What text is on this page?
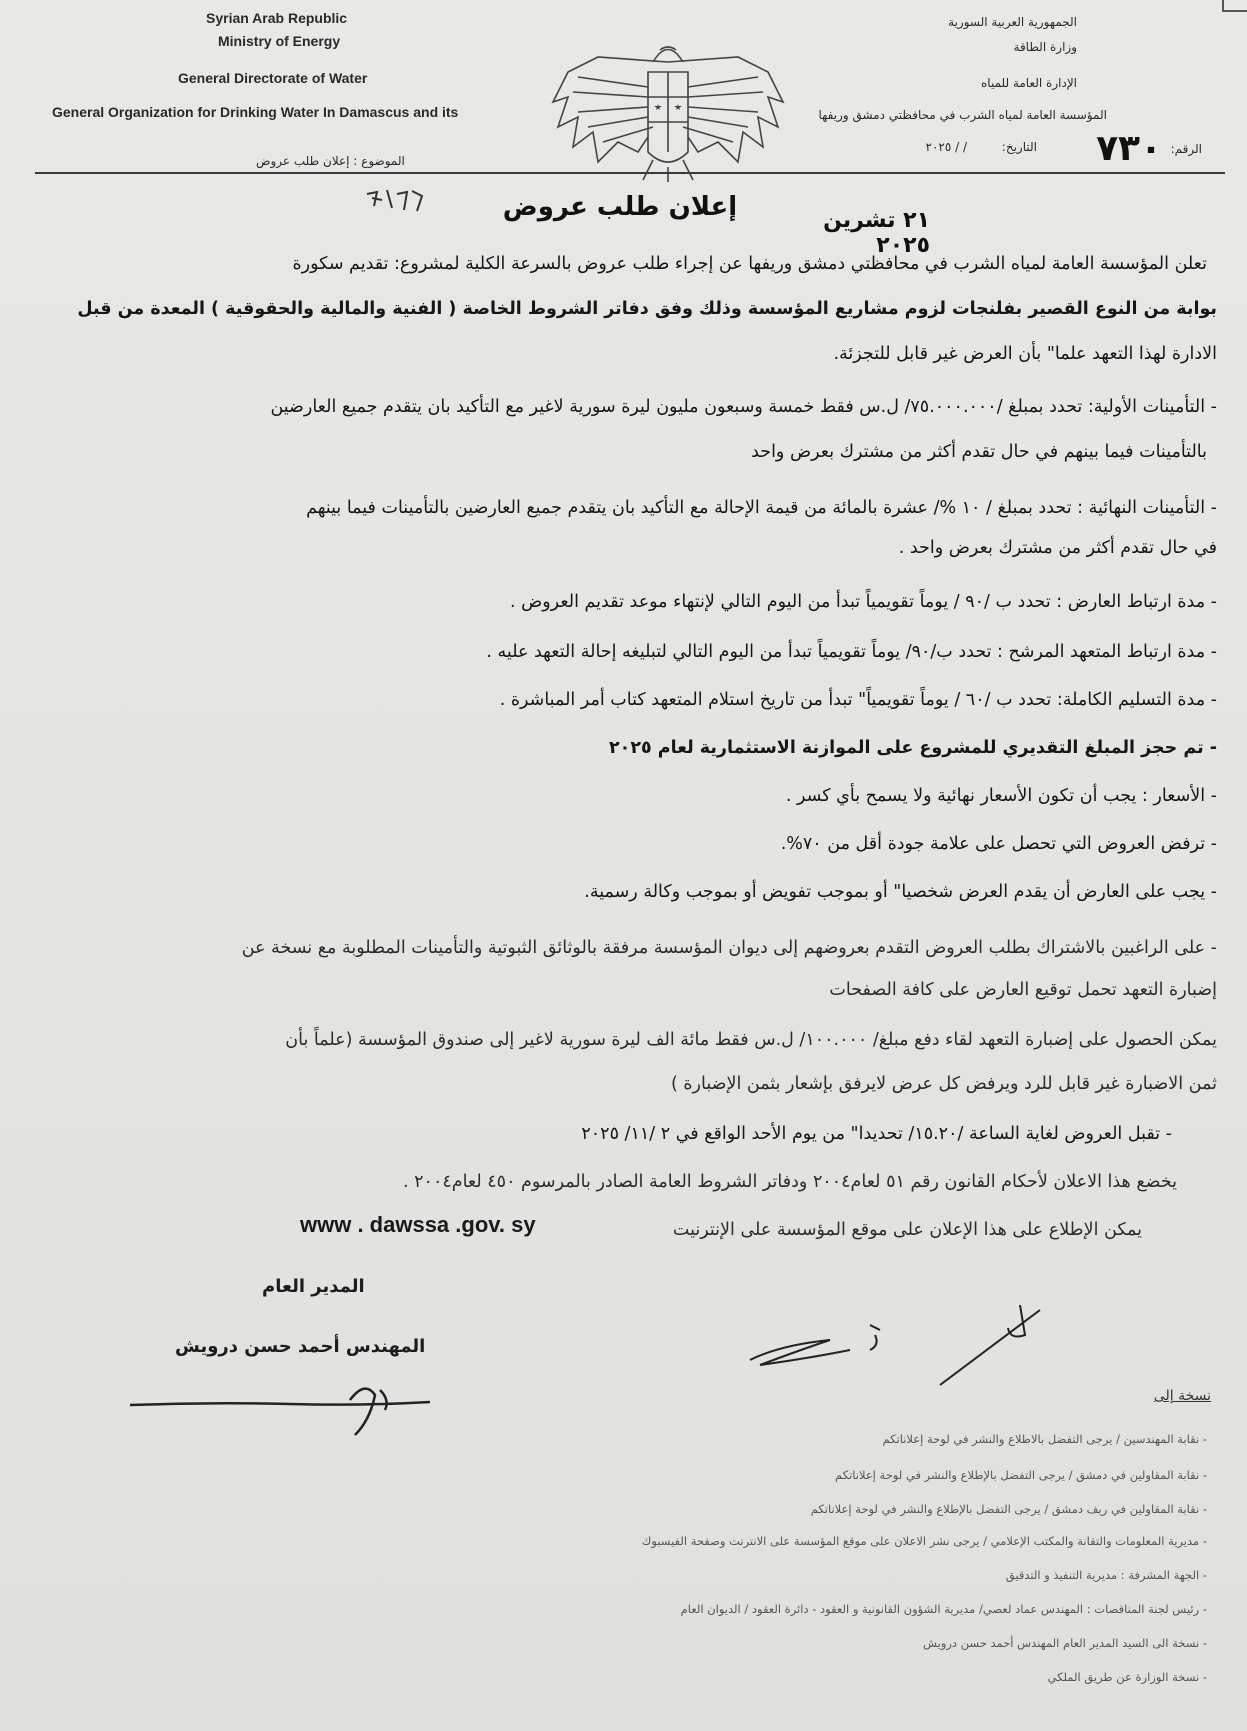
Syrian Arab Republic
Ministry of Energy
General Directorate of Water
General Organization for Drinking Water In Damascus and its
الجمهورية العربية السورية
وزارة الطاقة
الإدارة العامة للمياه
المؤسسة العامة لمياه الشرب في محافظتي دمشق وريفها
الرقم:
٧٣٠
التاريخ:
/ / ٢٠٢٥
الموضوع : إعلان طلب عروض
إعلان طلب عروض	٢١ تشرين ٢٠٢٥
تعلن المؤسسة العامة لمياه الشرب في محافظتي دمشق وريفها عن إجراء طلب عروض بالسرعة الكلية لمشروع: تقديم سكورة
بوابة من النوع القصير بفلنجات لزوم مشاريع المؤسسة وذلك وفق دفاتر الشروط الخاصة ( الفنية والمالية والحقوقية ) المعدة من قبل
الادارة لهذا التعهد علما" بأن العرض غير قابل للتجزئة.
- التأمينات الأولية: تحدد بمبلغ /٧٥.٠٠٠.٠٠٠/ ل.س فقط خمسة وسبعون مليون ليرة سورية لاغير مع التأكيد بان يتقدم جميع العارضين
بالتأمينات فيما بينهم في حال تقدم أكثر من مشترك بعرض واحد
- التأمينات النهائية : تحدد بمبلغ / ١٠ %/ عشرة بالمائة من قيمة الإحالة مع التأكيد بان يتقدم جميع العارضين بالتأمينات فيما بينهم
في حال تقدم أكثر من مشترك بعرض واحد .
- مدة ارتباط العارض : تحدد ب /٩٠ / يوماً تقويمياً تبدأ من اليوم التالي لإنتهاء موعد تقديم العروض .
- مدة ارتباط المتعهد المرشح : تحدد ب/٩٠/ يوماً تقويمياً تبدأ من اليوم التالي لتبليغه إحالة التعهد عليه .
- مدة التسليم الكاملة: تحدد ب /٦٠ / يوماً تقويمياً" تبدأ من تاريخ استلام المتعهد كتاب أمر المباشرة .
- تم حجز المبلغ التقديري للمشروع على الموازنة الاستثمارية لعام ٢٠٢٥
- الأسعار : يجب أن تكون الأسعار نهائية ولا يسمح بأي كسر .
- ترفض العروض التي تحصل على علامة جودة أقل من ٧٠%.
- يجب على العارض أن يقدم العرض شخصيا" أو بموجب تفويض أو بموجب وكالة رسمية.
- على الراغبين بالاشتراك بطلب العروض التقدم بعروضهم إلى ديوان المؤسسة مرفقة بالوثائق الثبوتية والتأمينات المطلوبة مع نسخة عن
إضبارة التعهد تحمل توقيع العارض على كافة الصفحات
يمكن الحصول على إضبارة التعهد لقاء دفع مبلغ/ ١٠٠.٠٠٠/ ل.س فقط مائة الف ليرة سورية لاغير إلى صندوق المؤسسة (علماً بأن
ثمن الاضبارة غير قابل للرد ويرفض كل عرض لايرفق بإشعار بثمن الإضبارة )
- تقبل العروض لغاية الساعة /١٥.٢٠/ تحديدا" من يوم الأحد الواقع في ٢ /١١/ ٢٠٢٥
يخضع هذا الاعلان لأحكام القانون رقم ٥١ لعام٢٠٠٤ ودفاتر الشروط العامة الصادر بالمرسوم ٤٥٠ لعام٢٠٠٤ .
يمكن الإطلاع على هذا الإعلان على موقع المؤسسة على الإنترنيت
www . dawssa .gov. sy
المدير العام
المهندس أحمد حسن درويش
نسخة إلى
- نقابة المهندسين / يرجى التفضل بالاطلاع والنشر في لوحة إعلاناتكم
- نقابة المقاولين في دمشق / يرجى التفضل بالإطلاع والنشر في لوحة إعلاناتكم
- نقابة المقاولين في ريف دمشق / يرجى التفضل بالإطلاع والنشر في لوحة إعلاناتكم
- مديرية المعلومات والتقانة والمكتب الإعلامي / يرجى نشر الاعلان على موقع المؤسسة على الانترنت وصفحة الفيسبوك
- الجهة المشرفة : مديرية التنفيذ و التدقيق
- رئيس لجنة المناقصات : المهندس عماد لعصي/ مديرية الشؤون القانونية و العقود - دائرة العقود / الديوان العام
- نسخة الى السيد المدير العام المهندس أحمد حسن درويش
- نسخة الوزارة عن طريق الملكي
